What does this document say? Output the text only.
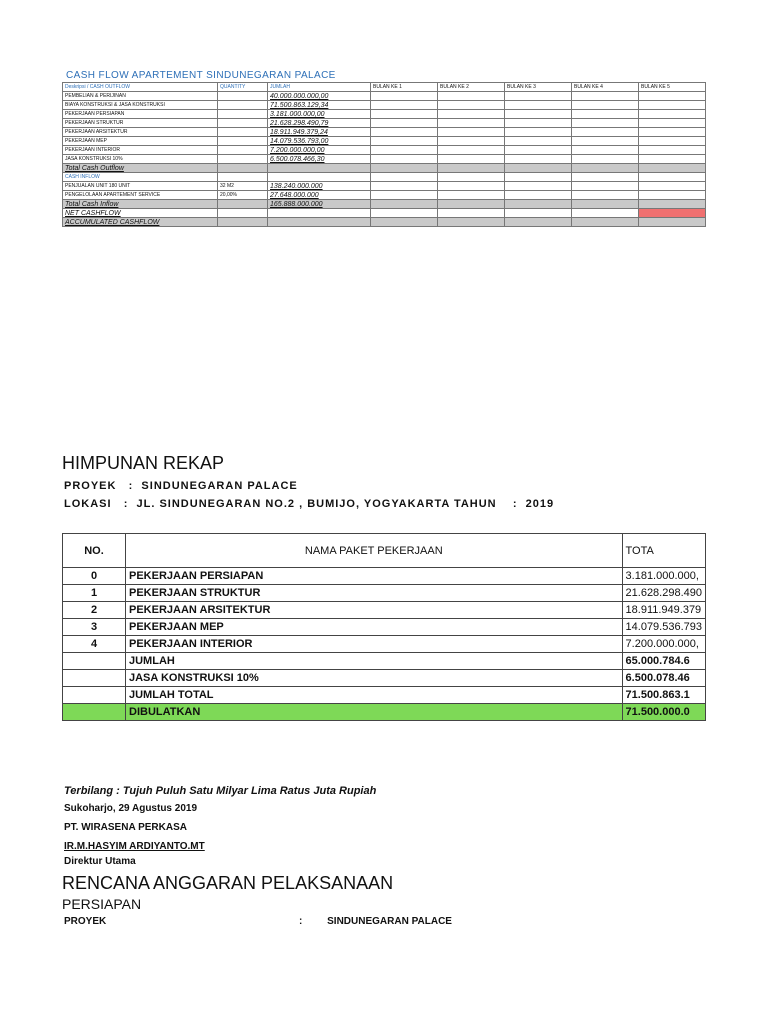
CASH FLOW APARTEMENT SINDUNEGARAN PALACE
Deskripsi / CASH OUTFLOW	QUANTITY	JUMLAH	BULAN KE 1	BULAN KE 2	BULAN KE 3	BULAN KE 4	BULAN KE 5
PEMBELIAN & PERIJINAN		40.000.000.000,00					
BIAYA KONSTRUKSI & JASA KONSTRUKSI		71.500.863.129,34					
PEKERJAAN PERSIAPAN		3.181.000.000,00					
PEKERJAAN STRUKTUR		21.628.298.490,79					
PEKERJAAN ARSITEKTUR		18.911.949.379,24					
PEKERJAAN MEP		14.079.536.793,00					
PEKERJAAN INTERIOR		7.200.000.000,00					
JASA KONSTRUKSI 10%		6.500.078.466,30					
Total Cash Outflow							
CASH INFLOW							
PENJUALAN UNIT 180 UNIT	32 M2	138.240.000.000					
PENGELOLAAN APARTEMENT SERVICE	20,00%	27.648.000.000					
Total Cash Inflow		165.888.000.000					
NET CASHFLOW							
ACCUMULATED CASHFLOW							
HIMPUNAN REKAP
PROYEK   :  SINDUNEGARAN PALACE
LOKASI   :  JL. SINDUNEGARAN NO.2 , BUMIJO, YOGYAKARTA TAHUN    :  2019
NO.	NAMA PAKET PEKERJAAN	TOTA
0	PEKERJAAN PERSIAPAN	3.181.000.000,
1	PEKERJAAN STRUKTUR	21.628.298.490
2	PEKERJAAN ARSITEKTUR	18.911.949.379
3	PEKERJAAN MEP	14.079.536.793
4	PEKERJAAN INTERIOR	7.200.000.000,
	JUMLAH	65.000.784.6
	JASA KONSTRUKSI 10%	6.500.078.46
	JUMLAH TOTAL	71.500.863.1
	DIBULATKAN	71.500.000.0
Terbilang : Tujuh Puluh Satu Milyar Lima Ratus Juta Rupiah
Sukoharjo, 29 Agustus 2019
PT. WIRASENA PERKASA
IR.M.HASYIM ARDIYANTO.MT
Direktur Utama
RENCANA ANGGARAN PELAKSANAAN
PERSIAPAN
PROYEK	: SINDUNEGARAN PALACE
